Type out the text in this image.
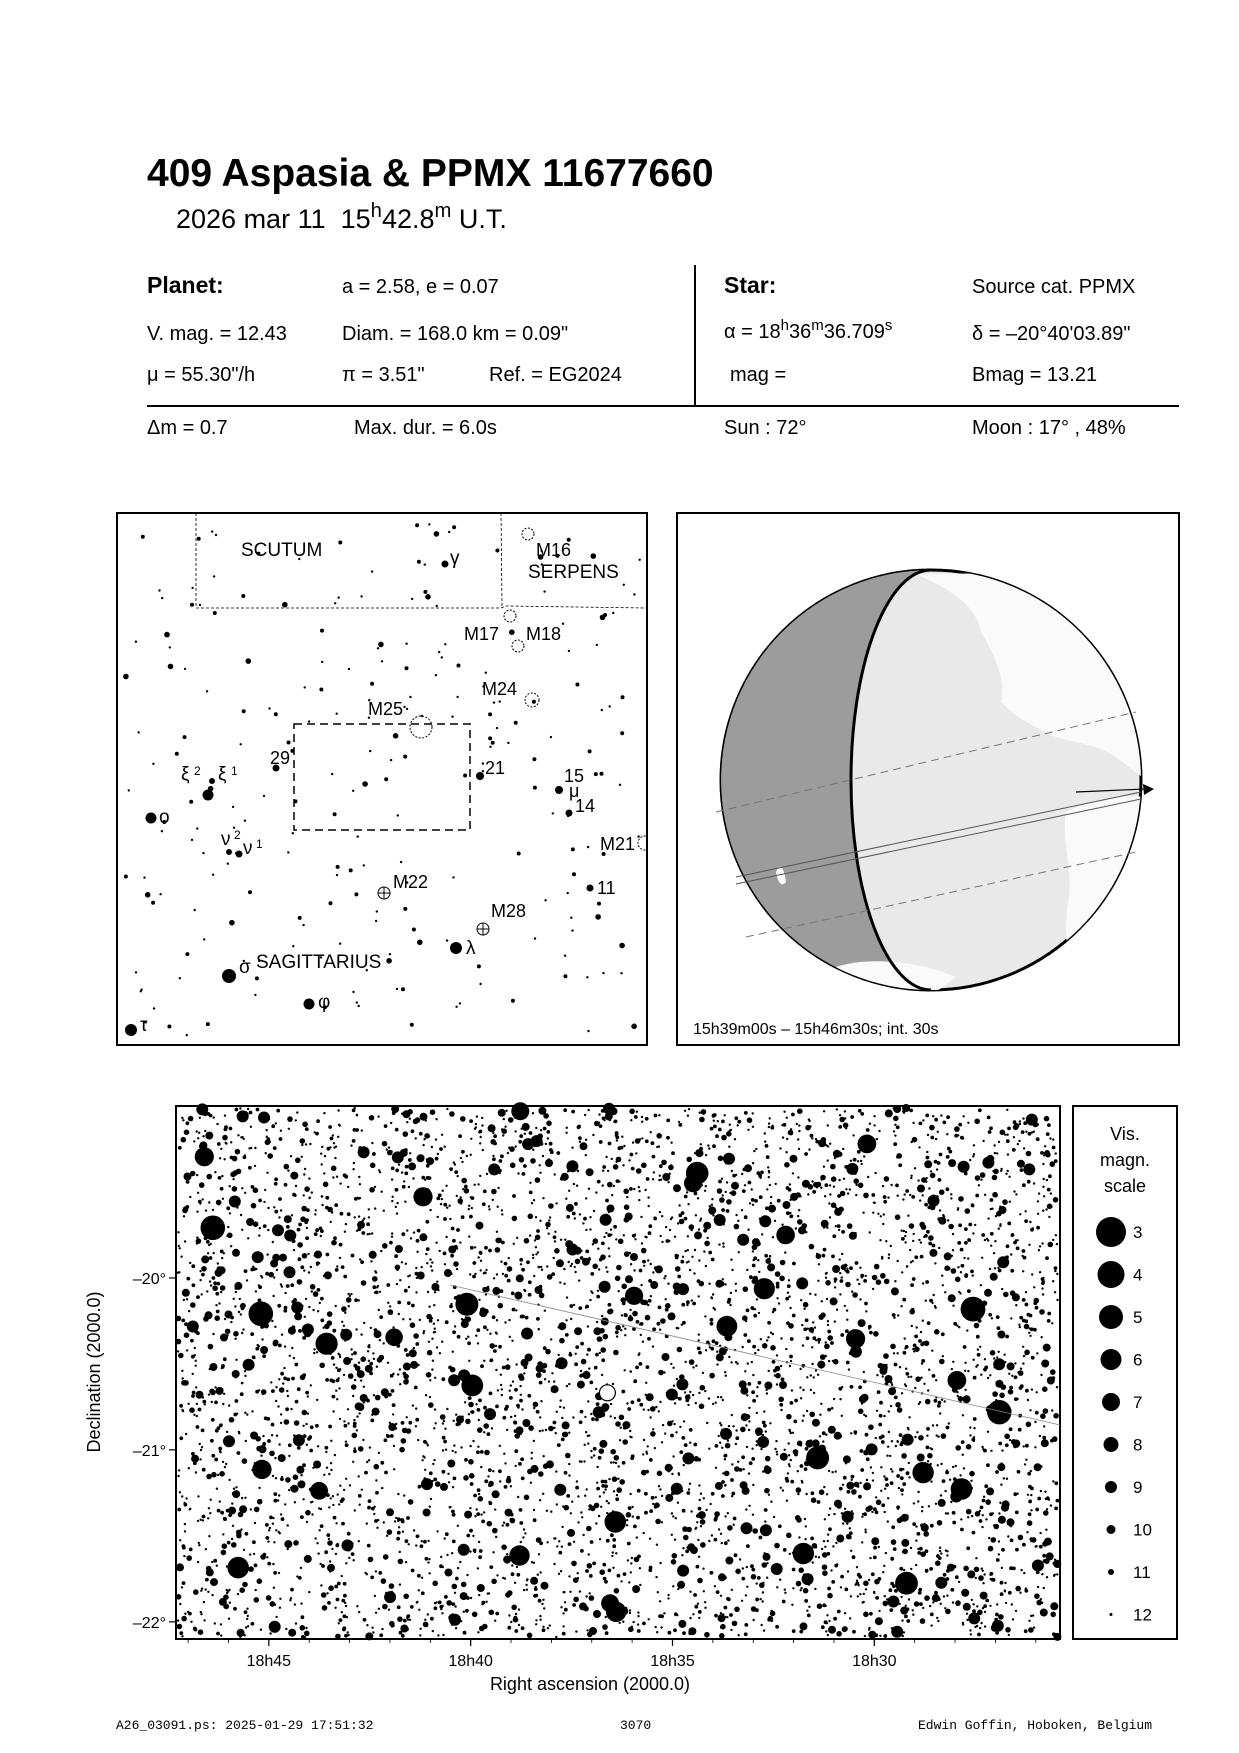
409 Aspasia & PPMX 11677660
2026 mar 11 15$^h$42.8$^m$ U.T.
Planet:	a = 2.58, e = 0.07
V. mag. = 12.43	Diam. = 168.0 km = 0.09"
μ = 55.30"/h	π = 3.51"	Ref. = EG2024
Star:	Source cat. PPMX
$\alpha = 18^h36^m36.709^s$	δ = –20°40'03.89"
mag =	Bmag = 13.21
Δm = 0.7	Max. dur. = 6.0s	Sun : 72°	Moon : 17° , 48%
SCUTUM
SERPENS
SAGITTARIUS
M16
M17 M18
M24
M25
M21
M22
M28
γ
29	21	15
μ
14
11
ξ 2 ξ 1
o
ν 2
ν 1
λ
σ
φ
τ	15h39m00s – 15h46m30s; int. 30s
18h45	18h40	18h35	18h30
–20°
–21°
–22°
Right ascension (2000.0)
Declination (2000.0)
Vis.
magn.
scale
3
4
5
6
7
8
9
10
11
12
A26_03091.ps: 2025-01-29 17:51:32	3070	Edwin Goffin, Hoboken, Belgium
